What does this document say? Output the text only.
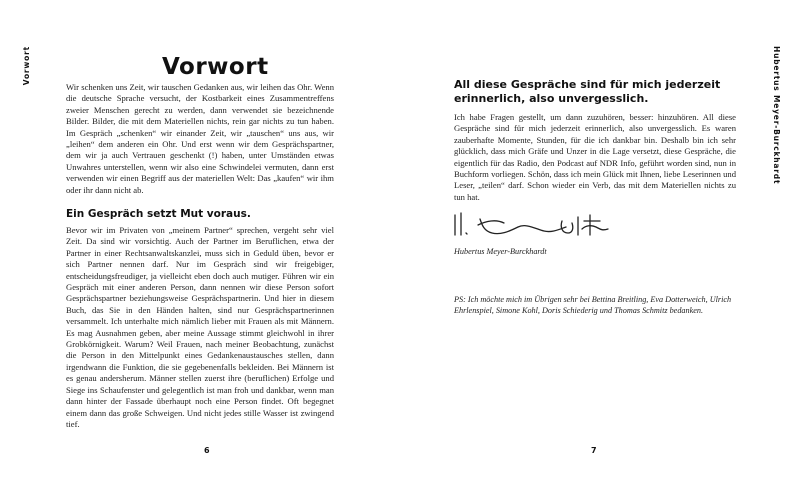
Vorwort	Vorwort

Wir schenken uns Zeit, wir tauschen Gedanken aus, wir leihen das Ohr. Wenn die deutsche Sprache versucht, der Kostbarkeit eines Zusammentreffens zweier Menschen gerecht zu werden, dann verwendet sie bezeichnende Bilder. Bilder, die mit dem Materiellen nichts, rein gar nichts zu tun haben. Im Gespräch „schenken“ wir einander Zeit, wir „tauschen“ uns aus, wir „leihen“ dem anderen ein Ohr. Und erst wenn wir dem Gesprächspartner, dem wir ja auch Vertrauen geschenkt (!) haben, unter Umständen etwas Unwahres unterstellen, wenn wir also eine Schwindelei vermuten, dann erst verwenden wir einen Begriff aus der materiellen Welt: Das „kaufen“ wir ihm oder ihr dann nicht ab.

Ein Gespräch setzt Mut voraus.

Bevor wir im Privaten von „meinem Partner“ sprechen, vergeht sehr viel Zeit. Da sind wir vorsichtig. Auch der Partner im Beruflichen, etwa der Partner in einer Rechtsanwaltskanzlei, muss sich in Geduld üben, bevor er sich Partner nennen darf. Nur im Gespräch sind wir freigebiger, entscheidungsfreudiger, ja vielleicht eben doch auch mutiger. Führen wir ein Gespräch mit einer anderen Person, dann nennen wir diese Person sofort Gesprächspartner beziehungsweise Gesprächspartnerin. Und hier in diesem Buch, das Sie in den Händen halten, sind nur Gesprächspartnerinnen versammelt. Ich unterhalte mich nämlich lieber mit Frauen als mit Männern. Es mag Ausnahmen geben, aber meine Aussage stimmt gleichwohl in ihrer Grobkörnigkeit. Warum? Weil Frauen, nach meiner Beobachtung, zunächst die Person in den Mittelpunkt eines Gedankenaustausches stellen, dann irgendwann die Funktion, die sie gegebenenfalls bekleiden. Bei Männern ist es genau andersherum. Männer stellen zuerst ihre (beruflichen) Erfolge und Siege ins Schaufenster und gelegentlich ist man froh und dankbar, wenn man dann hinter der Fassade überhaupt noch eine Person findet. Oft begegnet einem dann das große Schweigen. Und nicht jedes stille Wasser ist zwingend tief.

6
Hubertus Meyer-Burckhardt
All diese Gespräche sind für mich jederzeit erinnerlich, also unvergesslich.

Ich habe Fragen gestellt, um dann zuzuhören, besser: hinzuhören. All diese Gespräche sind für mich jederzeit erinnerlich, also unvergesslich. Es waren zauberhafte Momente, Stunden, für die ich dankbar bin. Deshalb bin ich sehr glücklich, dass mich Gräfe und Unzer in die Lage versetzt, diese Gespräche, die eigentlich für das Radio, den Podcast auf NDR Info, geführt worden sind, nun in Buchform vorliegen. Schön, dass ich mein Glück mit Ihnen, liebe Leserinnen und Leser, „teilen“ darf. Schon wieder ein Verb, das mit dem Materiellen nichts zu tun hat.

Hubertus Meyer-Burckhardt

PS: Ich möchte mich im Übrigen sehr bei Bettina Breitling, Eva Dotterweich, Ulrich Ehrlenspiel, Simone Kohl, Doris Schiederig und Thomas Schmitz bedanken.

7
